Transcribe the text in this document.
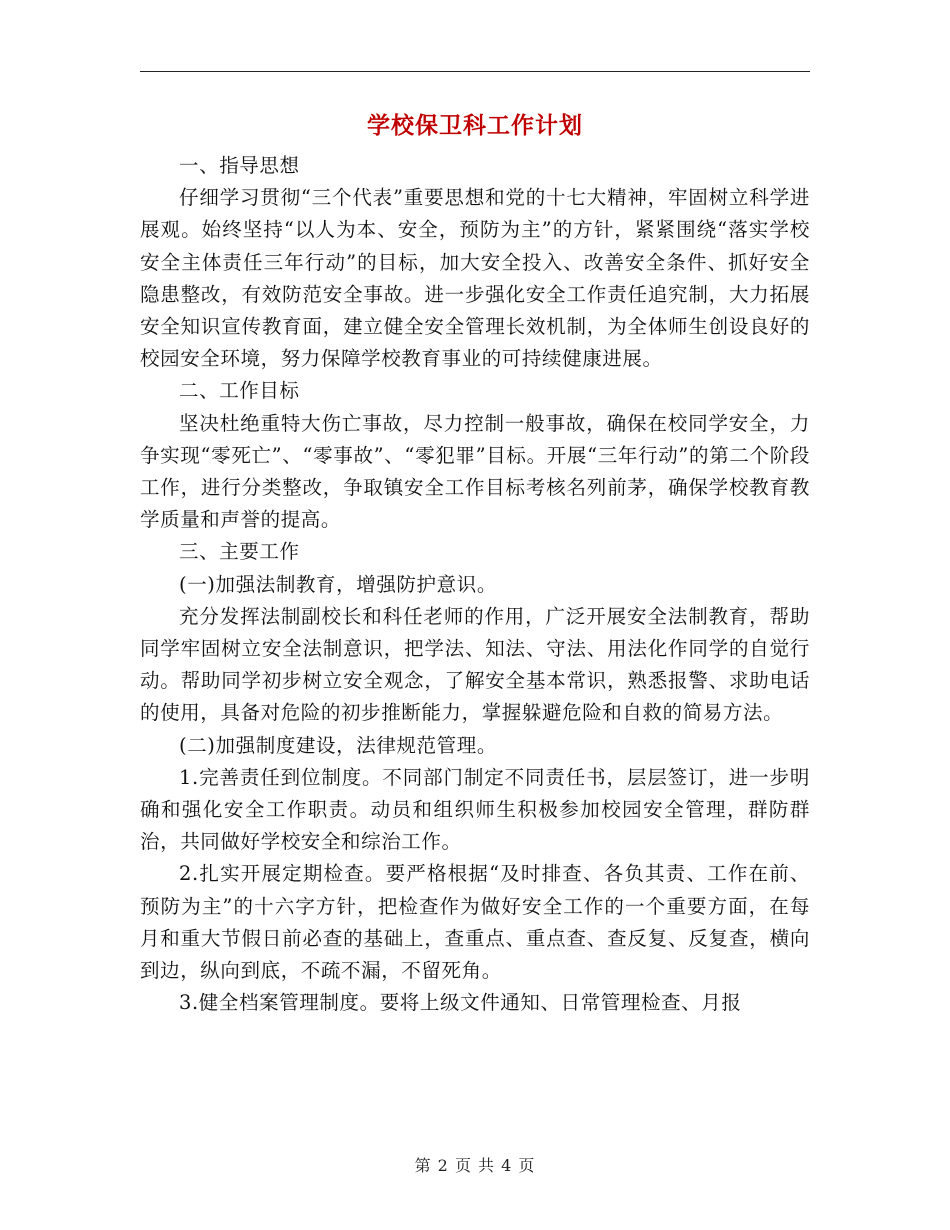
学校保卫科工作计划

一、指导思想

仔细学习贯彻“三个代表”重要思想和党的十七大精神，牢固树立科学进展观。始终坚持“以人为本、安全，预防为主”的方针，紧紧围绕“落实学校安全主体责任三年行动”的目标，加大安全投入、改善安全条件、抓好安全隐患整改，有效防范安全事故。进一步强化安全工作责任追究制，大力拓展安全知识宣传教育面，建立健全安全管理长效机制，为全体师生创设良好的校园安全环境，努力保障学校教育事业的可持续健康进展。

二、工作目标

坚决杜绝重特大伤亡事故，尽力控制一般事故，确保在校同学安全，力争实现“零死亡”、“零事故”、“零犯罪”目标。开展“三年行动”的第二个阶段工作，进行分类整改，争取镇安全工作目标考核名列前茅，确保学校教育教学质量和声誉的提高。

三、主要工作

(一)加强法制教育，增强防护意识。

充分发挥法制副校长和科任老师的作用，广泛开展安全法制教育，帮助同学牢固树立安全法制意识，把学法、知法、守法、用法化作同学的自觉行动。帮助同学初步树立安全观念，了解安全基本常识，熟悉报警、求助电话的使用，具备对危险的初步推断能力，掌握躲避危险和自救的简易方法。

(二)加强制度建设，法律规范管理。

1.完善责任到位制度。不同部门制定不同责任书，层层签订，进一步明确和强化安全工作职责。动员和组织师生积极参加校园安全管理，群防群治，共同做好学校安全和综治工作。

2.扎实开展定期检查。要严格根据“及时排查、各负其责、工作在前、预防为主”的十六字方针，把检查作为做好安全工作的一个重要方面，在每月和重大节假日前必查的基础上，查重点、重点查、查反复、反复查，横向到边，纵向到底，不疏不漏，不留死角。

3.健全档案管理制度。要将上级文件通知、日常管理检查、月报

第 2 页 共 4 页
